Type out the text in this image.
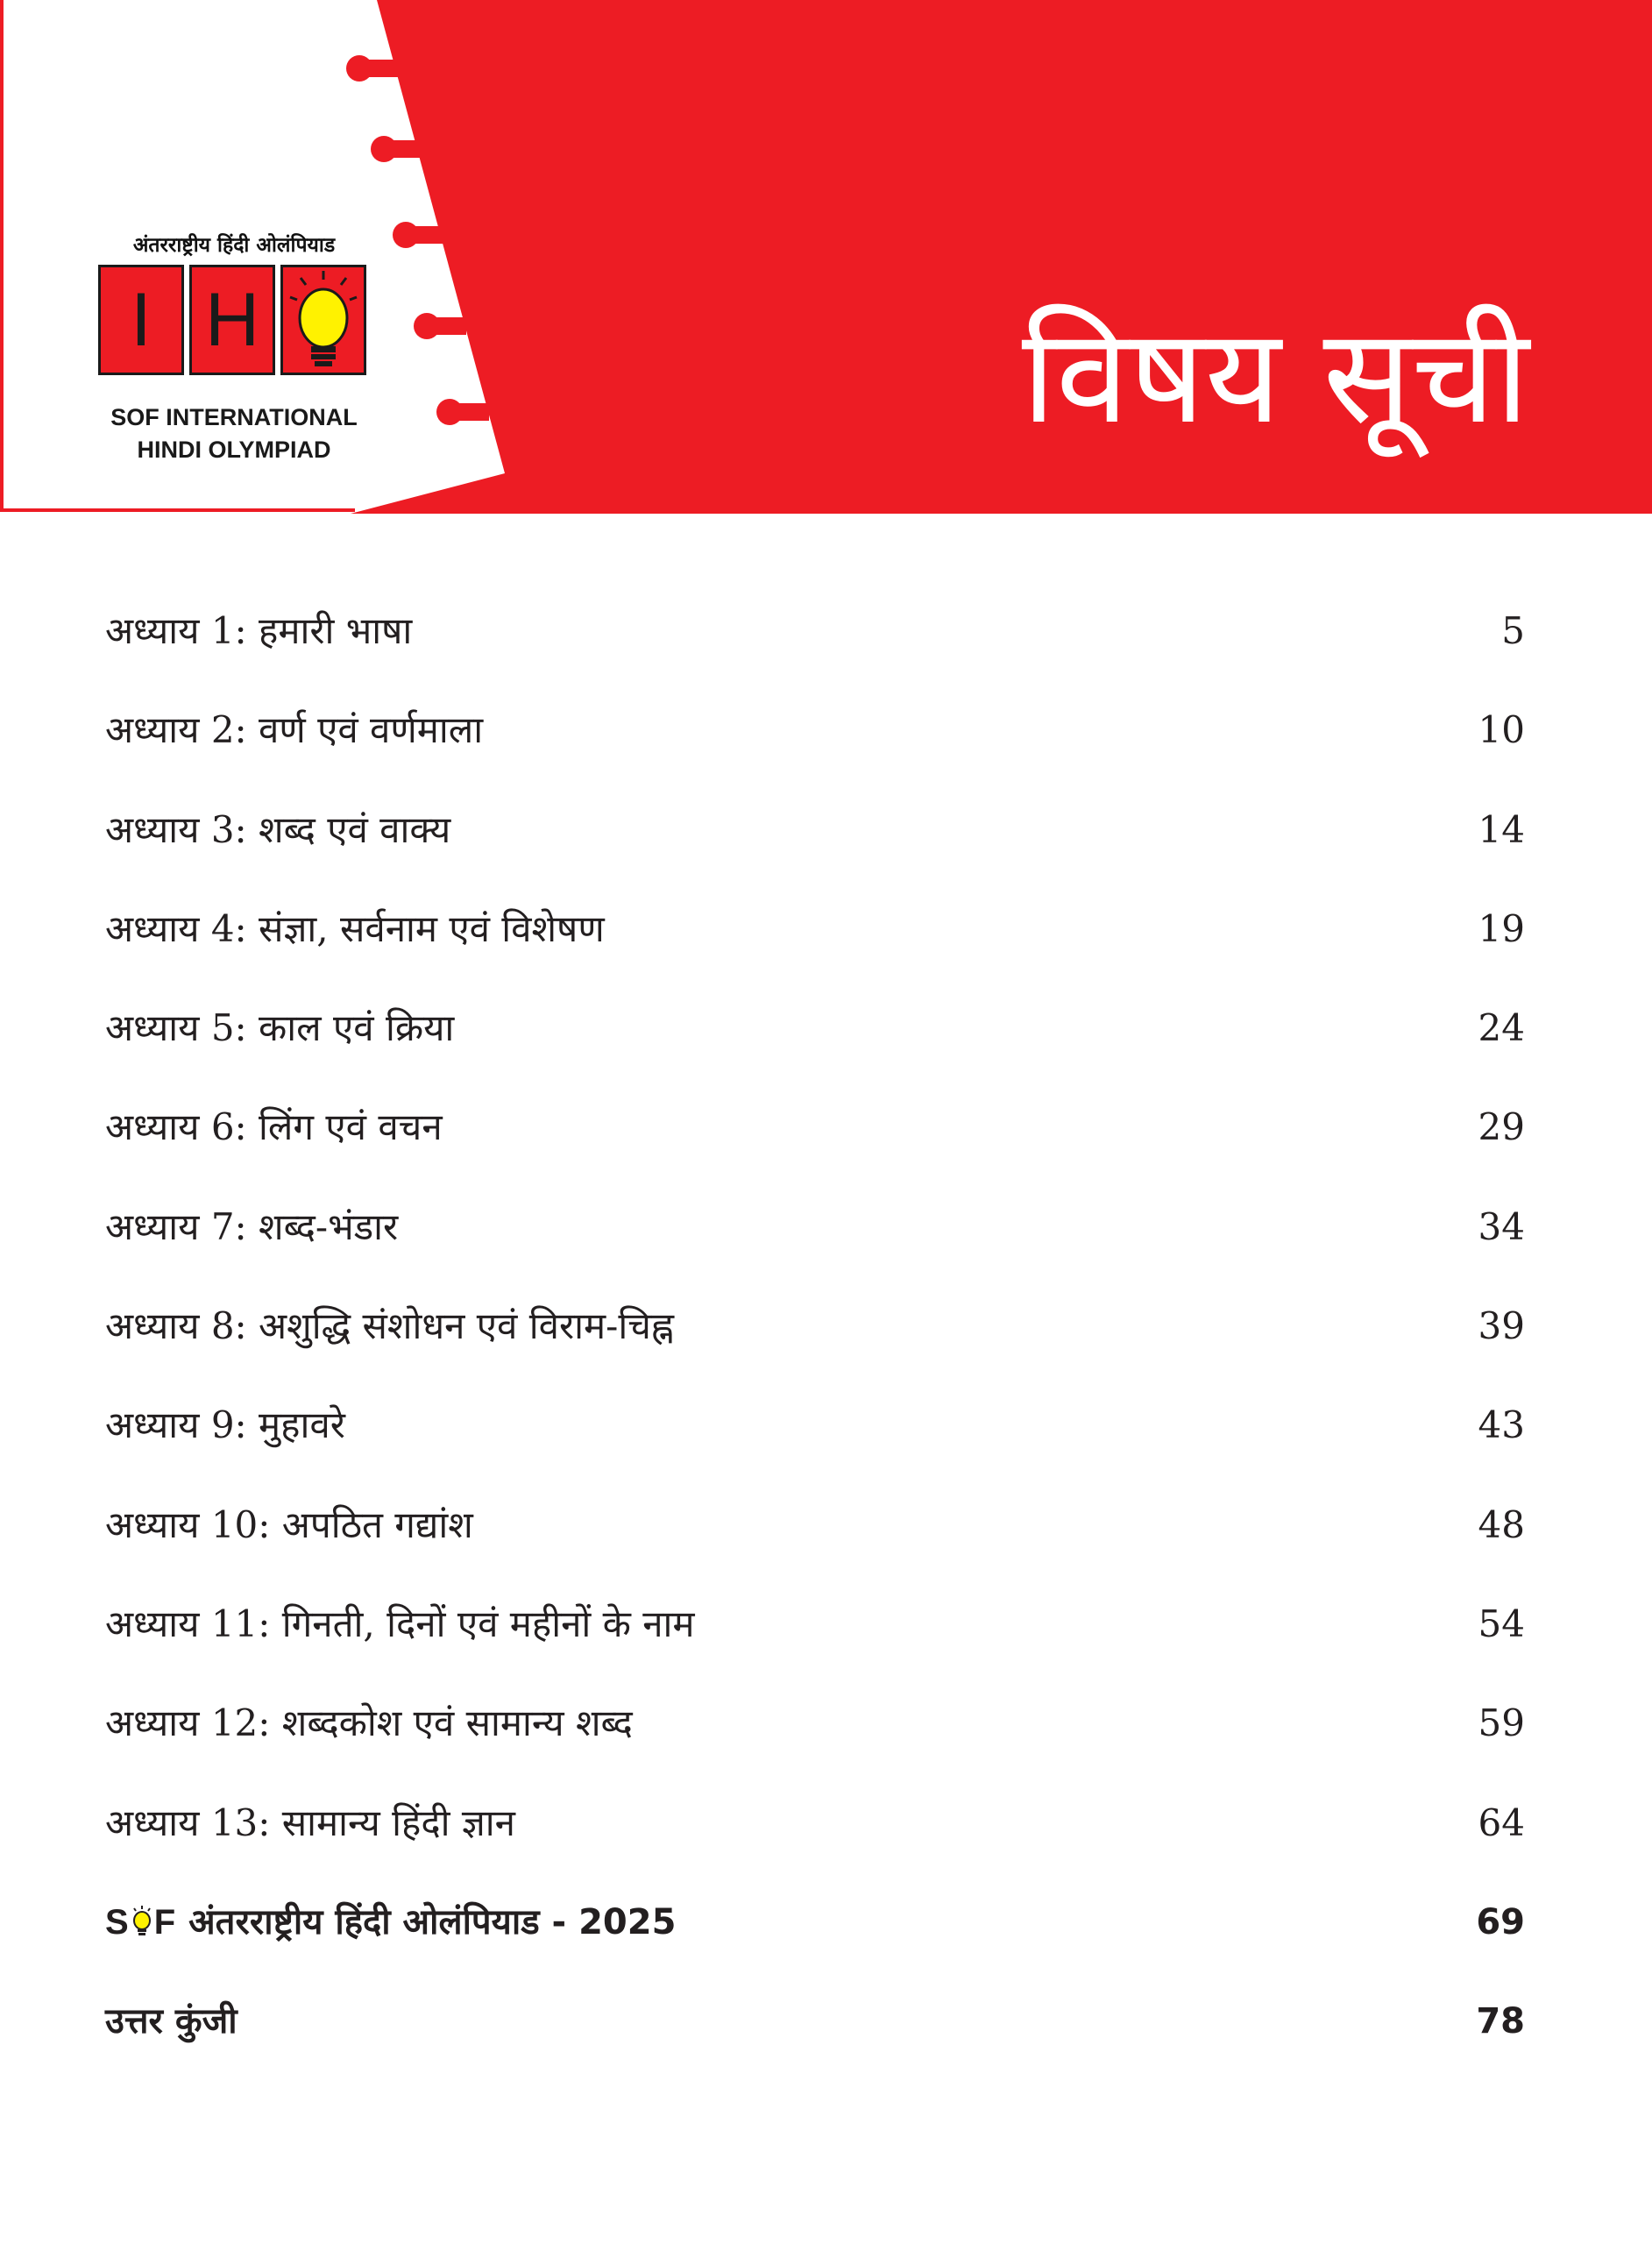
अंतरराष्ट्रीय हिंदी ओलंपियाड
I H
SOF INTERNATIONAL
HINDI OLYMPIAD	विषय सूची
अध्याय 1: हमारी भाषा	5
अध्याय 2: वर्ण एवं वर्णमाला	10
अध्याय 3: शब्द एवं वाक्य	14
अध्याय 4: संज्ञा, सर्वनाम एवं विशेषण	19
अध्याय 5: काल एवं क्रिया	24
अध्याय 6: लिंग एवं वचन	29
अध्याय 7: शब्द-भंडार	34
अध्याय 8: अशुद्धि संशोधन एवं विराम-चिह्न	39
अध्याय 9: मुहावरे	43
अध्याय 10: अपठित गद्यांश	48
अध्याय 11: गिनती, दिनों एवं महीनों के नाम	54
अध्याय 12: शब्दकोश एवं सामान्य शब्द	59
अध्याय 13: सामान्य हिंदी ज्ञान	64
S F अंतरराष्ट्रीय हिंदी ओलंपियाड - 2025	69
उत्तर कुंजी	78
